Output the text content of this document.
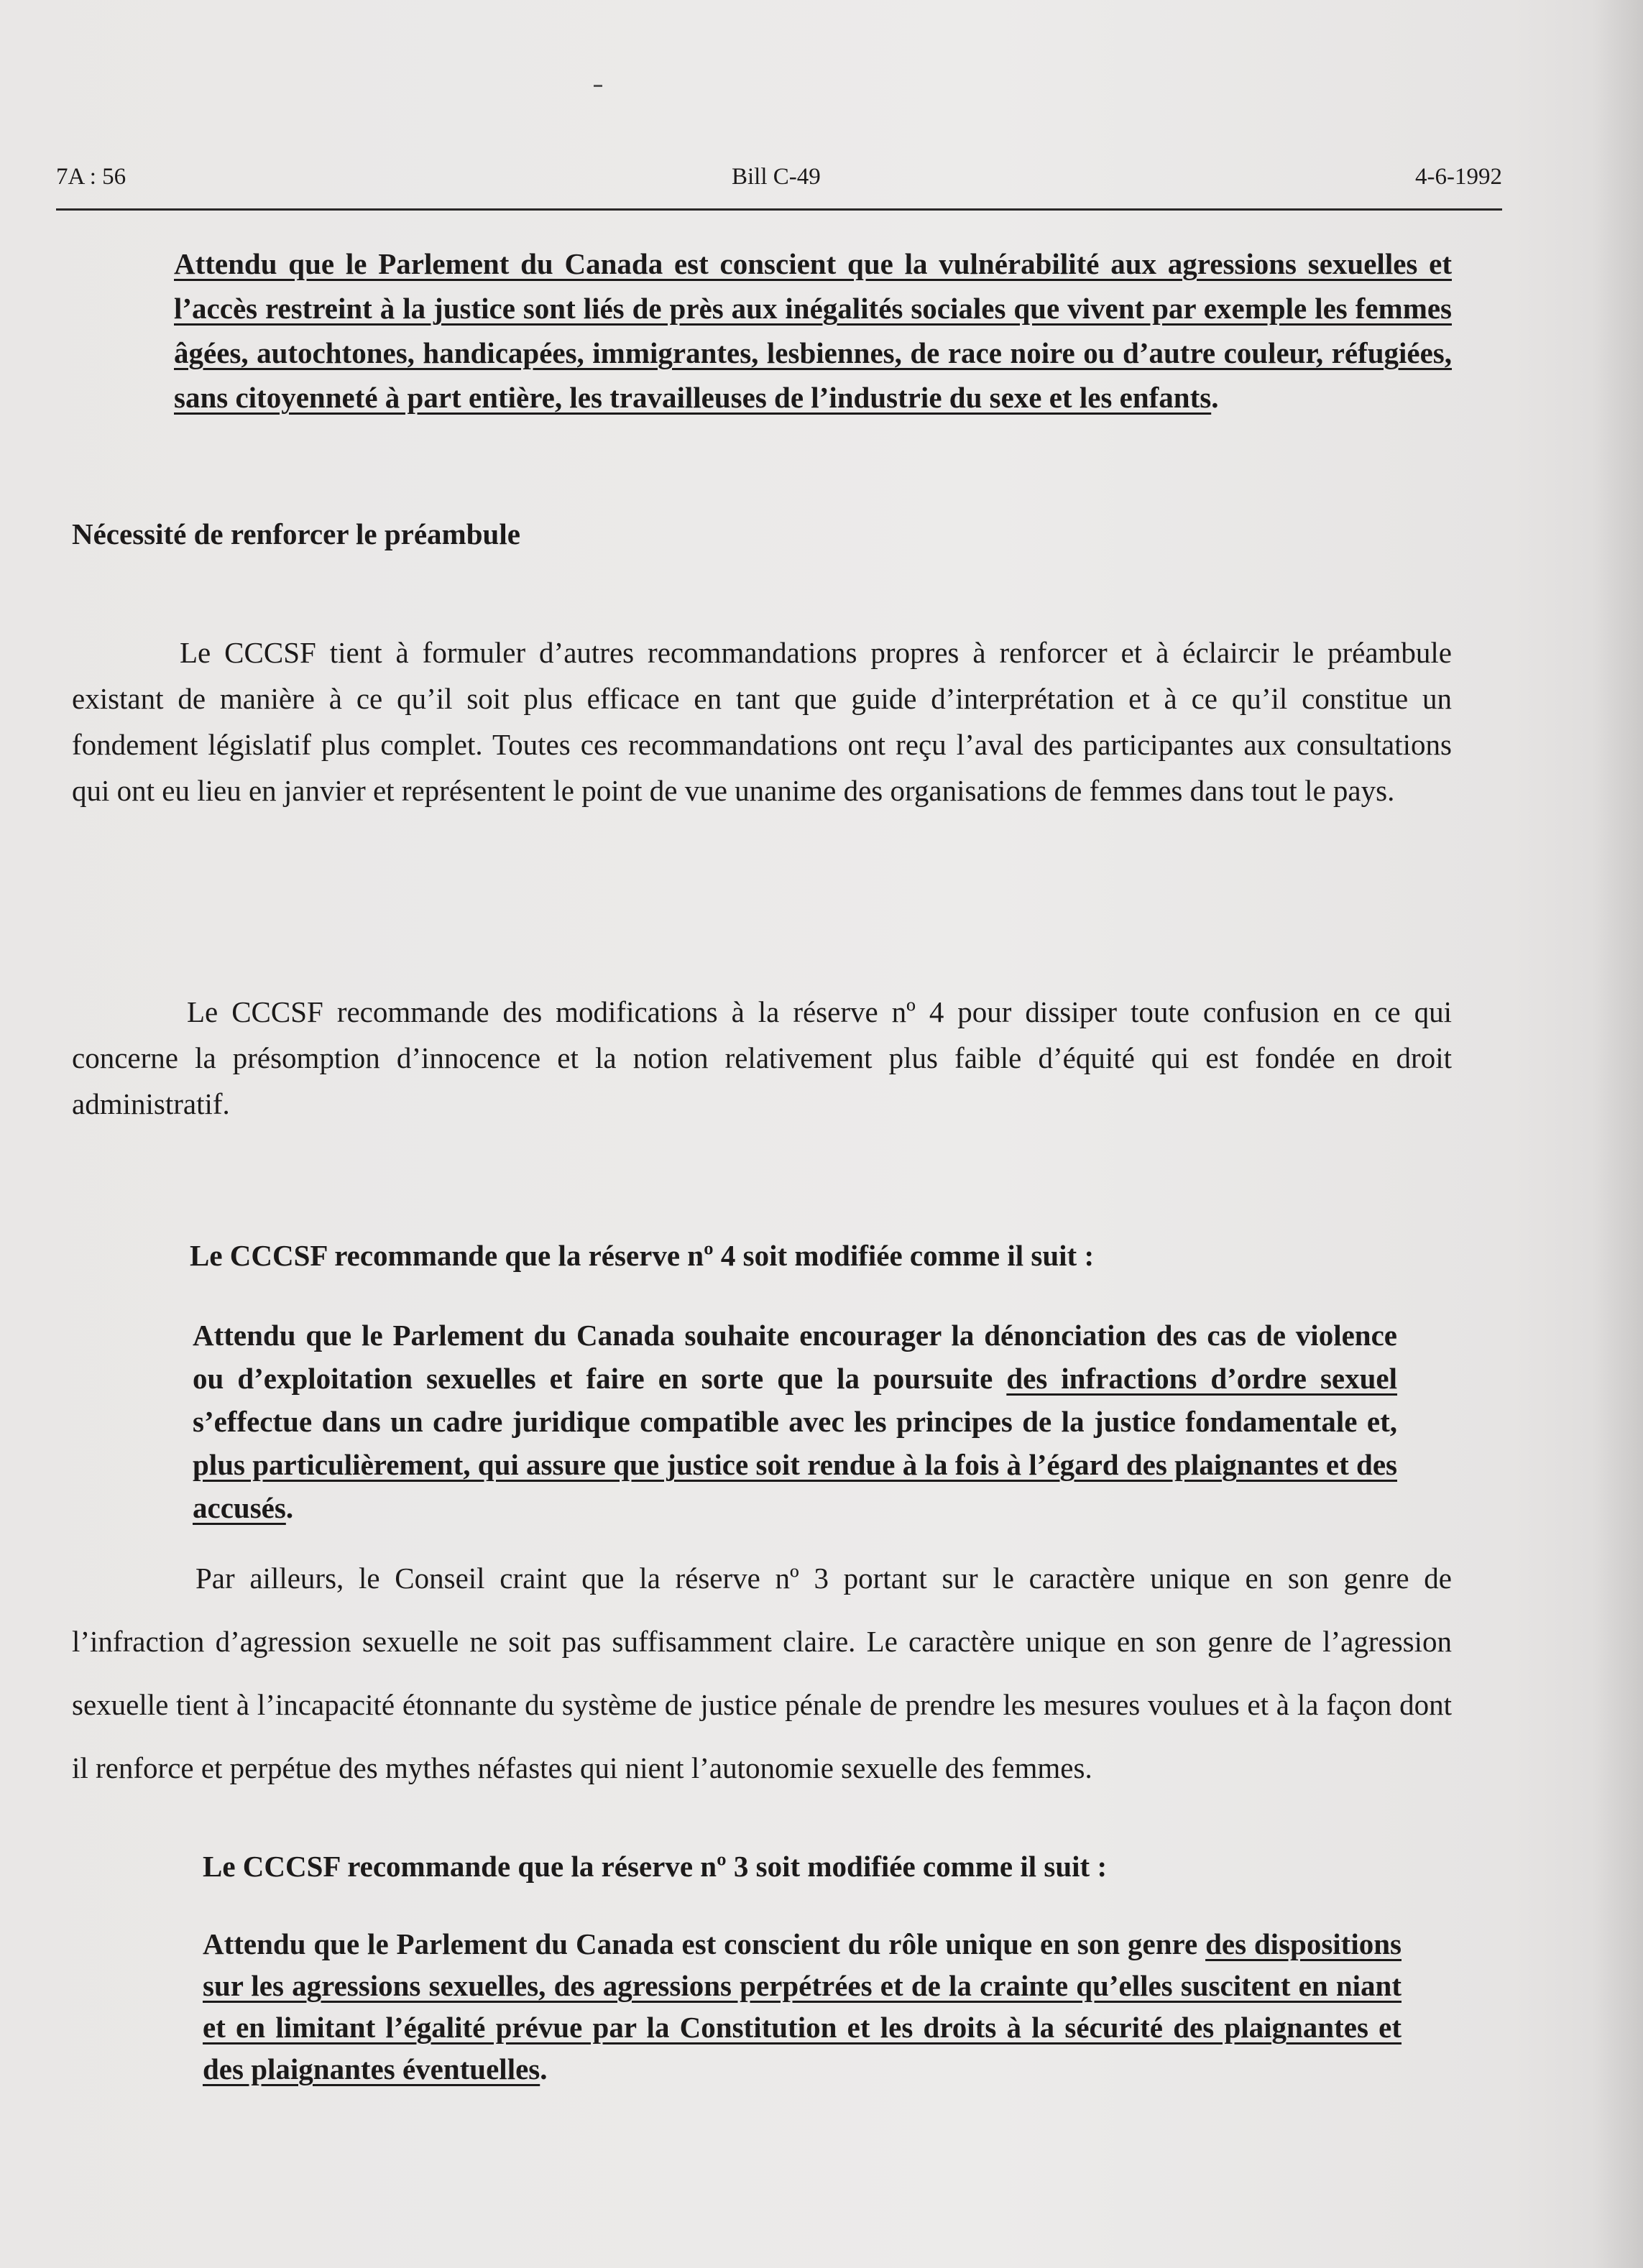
7A : 56	Bill C-49	4-6-1992

Attendu que le Parlement du Canada est conscient que la vulnérabilité aux agressions sexuelles et l’accès restreint à la justice sont liés de près aux inégalités sociales que vivent par exemple les femmes âgées, autochtones, handicapées, immigrantes, lesbiennes, de race noire ou d’autre couleur, réfugiées, sans citoyenneté à part entière, les travailleuses de l’industrie du sexe et les enfants.

Nécessité de renforcer le préambule

Le CCCSF tient à formuler d’autres recommandations propres à renforcer et à éclaircir le préambule existant de manière à ce qu’il soit plus efficace en tant que guide d’interprétation et à ce qu’il constitue un fondement législatif plus complet. Toutes ces recommandations ont reçu l’aval des participantes aux consultations qui ont eu lieu en janvier et représentent le point de vue unanime des organisations de femmes dans tout le pays.

Le CCCSF recommande des modifications à la réserve nº 4 pour dissiper toute confusion en ce qui concerne la présomption d’innocence et la notion relativement plus faible d’équité qui est fondée en droit administratif.

Le CCCSF recommande que la réserve nº 4 soit modifiée comme il suit :

Attendu que le Parlement du Canada souhaite encourager la dénonciation des cas de violence ou d’exploitation sexuelles et faire en sorte que la poursuite des infractions d’ordre sexuel s’effectue dans un cadre juridique compatible avec les principes de la justice fondamentale et, plus particulièrement, qui assure que justice soit rendue à la fois à l’égard des plaignantes et des accusés.

Par ailleurs, le Conseil craint que la réserve nº 3 portant sur le caractère unique en son genre de l’infraction d’agression sexuelle ne soit pas suffisamment claire. Le caractère unique en son genre de l’agression sexuelle tient à l’incapacité étonnante du système de justice pénale de prendre les mesures voulues et à la façon dont il renforce et perpétue des mythes néfastes qui nient l’autonomie sexuelle des femmes.

Le CCCSF recommande que la réserve nº 3 soit modifiée comme il suit :

Attendu que le Parlement du Canada est conscient du rôle unique en son genre des dispositions sur les agressions sexuelles, des agressions perpétrées et de la crainte qu’elles suscitent en niant et en limitant l’égalité prévue par la Constitution et les droits à la sécurité des plaignantes et des plaignantes éventuelles.
